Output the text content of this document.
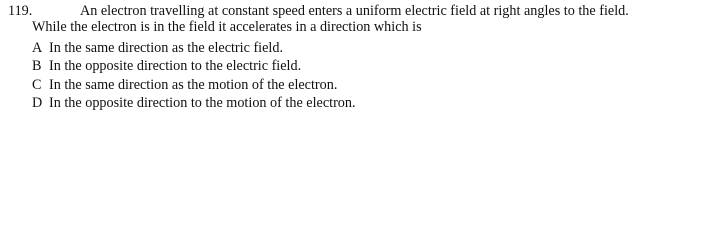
119.	An electron travelling at constant speed enters a uniform electric field at right angles to the field.
While the electron is in the field it accelerates in a direction which is
A In the same direction as the electric field.
B In the opposite direction to the electric field.
C In the same direction as the motion of the electron.
D In the opposite direction to the motion of the electron.
